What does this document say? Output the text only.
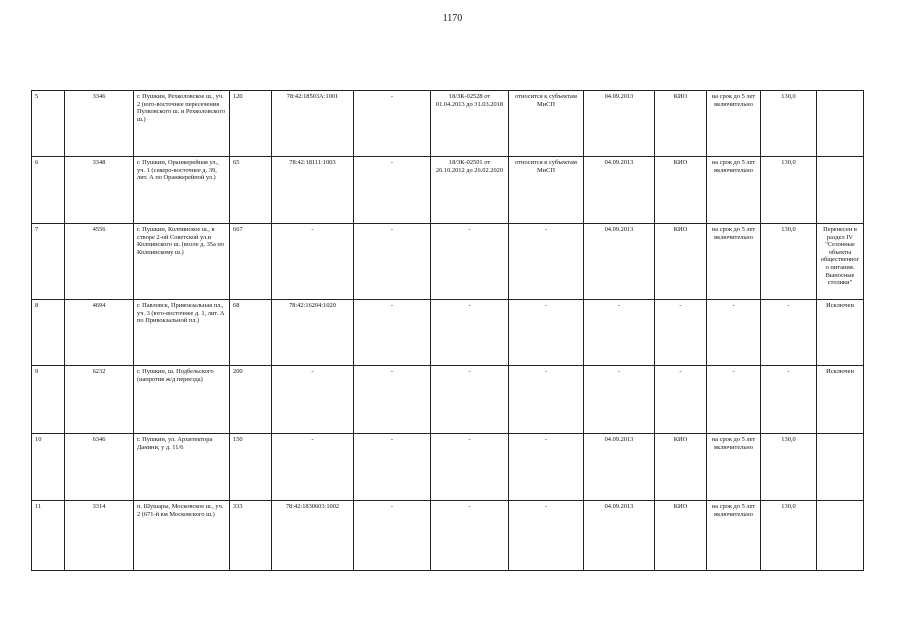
1170
5	3346	г. Пушкин, Рехколовское ш., уч. 2 (юго-восточнее пересечения Пулковского ш. и Рехколовского ш.)	120	78:42:18503А:1001	-	18/ЗК-02528 от 01.04.2013 до 31.03.2018	относится к субъектам МиСП	04.09.2013	КИО	на срок до 5 лет включительно	130,0	
6	3348	г. Пушкин, Оранжерейная ул., уч. 1 (северо-восточнее д. 39, лит. А по Оранжерейной ул.)	65	78:42:18111:1003	-	18/ЗК-02501 от 26.10.2012 до 26.02.2020	относится к субъектам МиСП	04.09.2013	КИО	на срок до 5 лет включительно	130,0	
7	4556	г. Пушкин, Колпинское ш., в створе 2-ой Советской ул.и Колпинского ш. (возле д. 35а по Колпинскому ш.)	667	-	-	-	-	04.09.2013	КИО	на срок до 5 лет включительно	130,0	Перенесен в раздел IV "Сезонные объекты общественного питания. Выносные столики"
8	4694	г. Павловск, Привокзальная пл., уч. 3 (юго-восточнее д. 1, лит. А по Привокзальной пл.)	68	78:42:16204:1020	-	-	-	-	-	-	-	Исключен
9	6232	г. Пушкин, ш. Подбельского (напротив ж/д переезда)	200	-	-	-	-	-	-	-	-	Исключен
10	6346	г. Пушкин, ул. Архитектора Данини, у д. 11/6	150	-	-	-	-	04.09.2013	КИО	на срок до 5 лет включительно	130,0	
11	3314	п. Шушары, Московское ш., уч. 2 (671-й км Московского ш.)	333	78:42:1830603:1002	-	-	-	04.09.2013	КИО	на срок до 5 лет включительно	130,0	
